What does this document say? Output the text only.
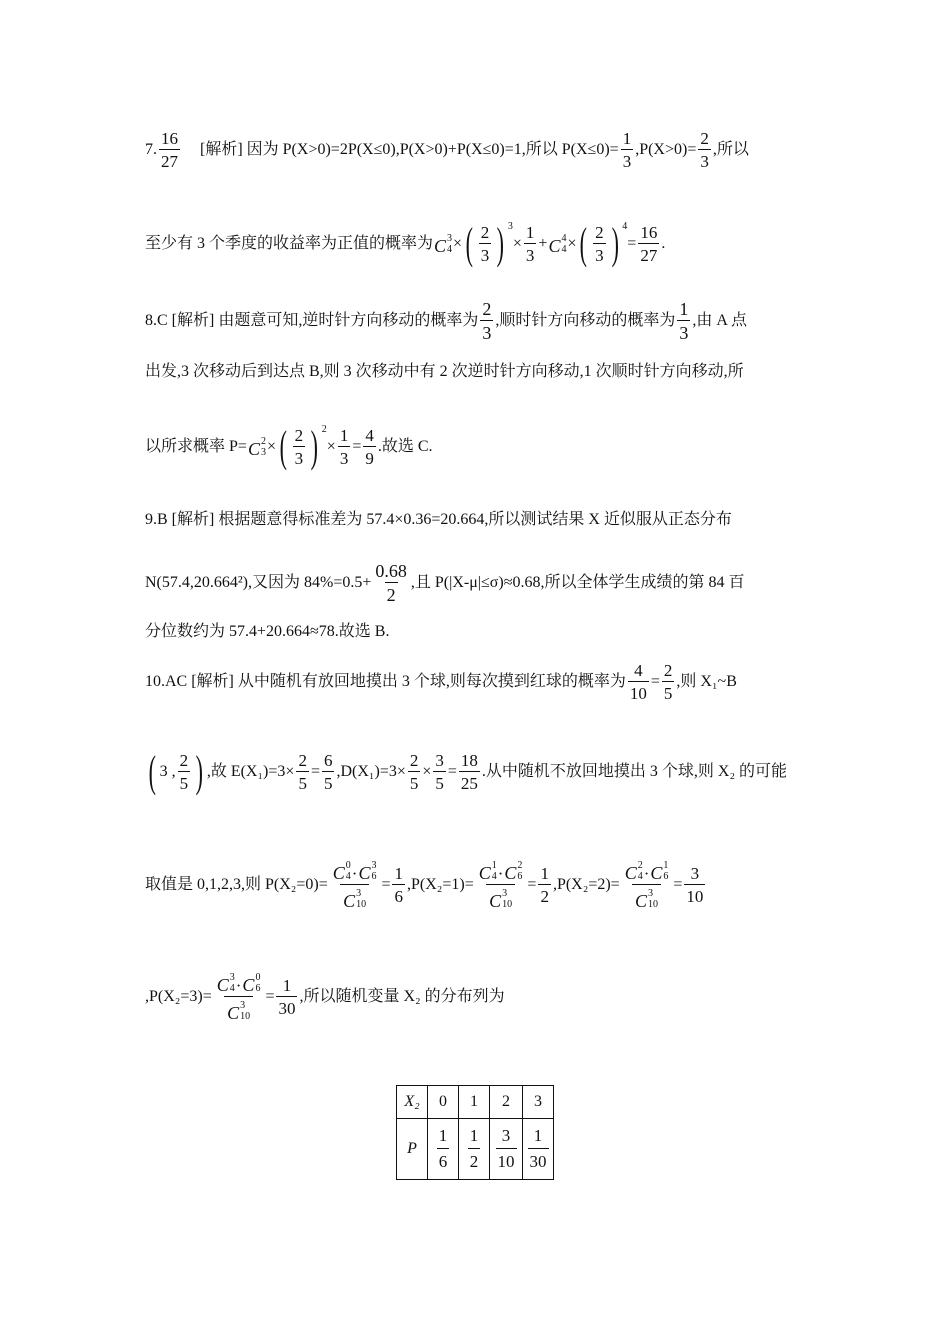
7. $\frac{16}{27}$ [解析] 因为 P(X>0)=2P(X≤0),P(X>0)+P(X≤0)=1,所以 $P(X\le 0)= \frac{1}{3} ,P(X>0)= \frac{2}{3}$ ,所以
至少有 3 个季度的收益率为正值的概率为 C 3
4 × ( $\frac{2}{3}$ ) $^3$
× $\frac{1}{3} + C$ 4
4 × ( $\frac{2}{3}$ ) $^4$
= $\frac{16}{27}$ .
8.C [解析] 由题意可知,逆时针方向移动的概率为 $\frac{2}{3}$ ,顺时针方向移动的概率为 $\frac{1}{3}$ ,由 A 点
出发,3 次移动后到达点 B,则 3 次移动中有 2 次逆时针方向移动,1 次顺时针方向移动,所
以所求概率 P= C 2
3 × ( $\frac{2}{3}$ ) $^2$
× $\frac{1}{3} = \frac{4}{9}$ .故选 C.
9.B [解析] 根据题意得标准差为 57.4×0.36=20.664,所以测试结果 X 近似服从正态分布
N(57.4,20.664²),又因为 $84\%=0.5+ \frac{0.68}{2}$ ,且 P(|X-μ|≤σ)≈0.68,所以全体学生成绩的第 84 百
分位数约为 57.4+20.664≈78.故选 B.
10.AC [解析] 从中随机有放回地摸出 3 个球,则每次摸到红球的概率为 $\frac{4}{10} = \frac{2}{5}$ ,则 X₁~B
( 3 , $\frac{2}{5}$ ) ,故 $E(X_1)=3\times \frac{2}{5} = \frac{6}{5} ,D(X_1)=3\times \frac{2}{5} \times \frac{3}{5} = \frac{18}{25}$ .从中随机不放回地摸出 3 个球,则 X₂ 的可能
取值是 0,1,2,3,则 P(X₂=0)= C 0
4 ·C 3
6
C 3
$10 = \frac{1}{6} ,P(X_2=1)= C$ 1
4 ·C 2
6
C 3
$10 = \frac{1}{2} ,P(X_2=2)= C$ 2
4 ·C 1
6
C 3
$10 = \frac{3}{10}$
,P(X₂=3)= C 3
4 ·C 0
6
C 3
$10 = \frac{1}{30}$ ,所以随机变量 X₂ 的分布列为
X₂	0	1	2	3
P	$\frac{1}{6}$	$\frac{1}{2}$	$\frac{3}{10}$	$\frac{1}{30}$
